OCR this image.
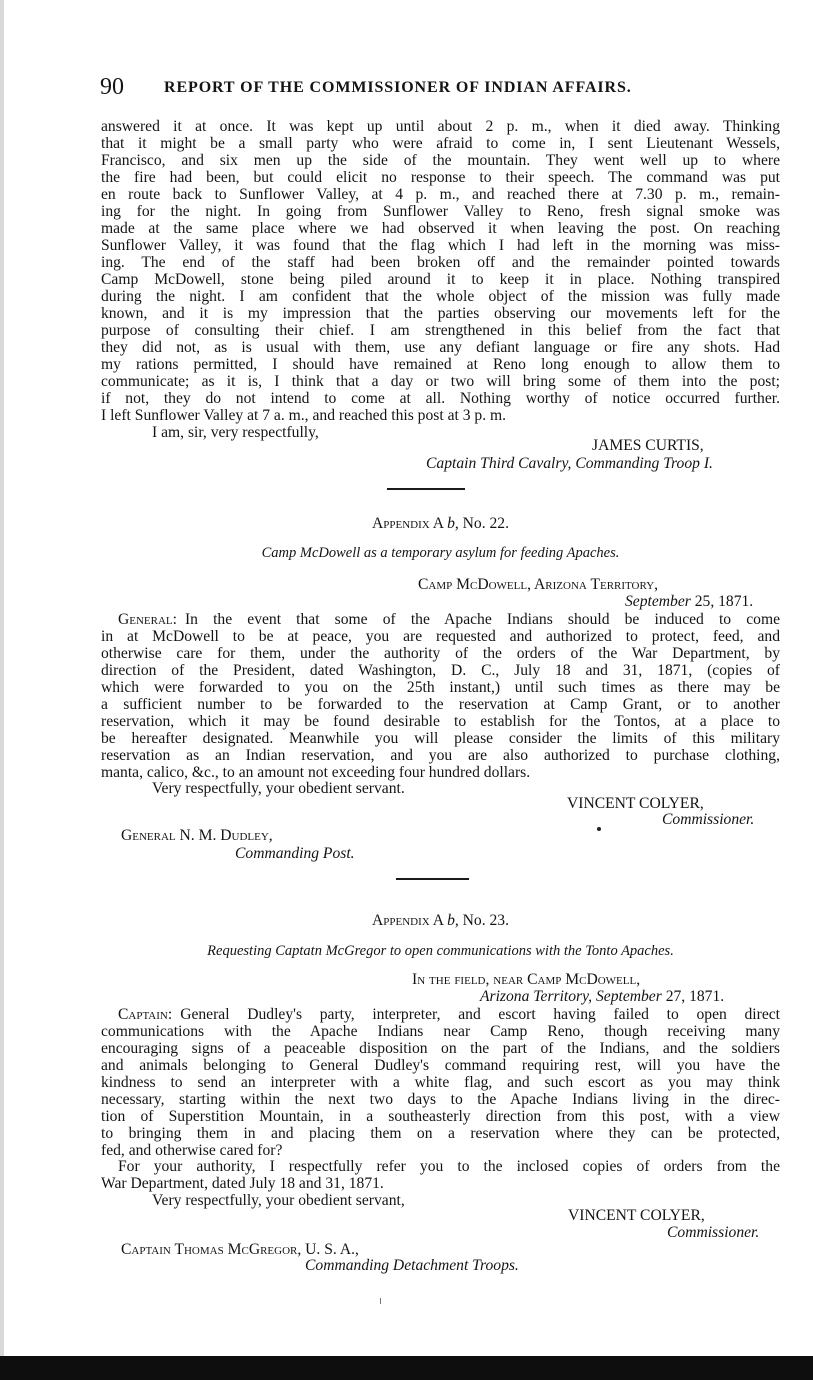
90	REPORT OF THE COMMISSIONER OF INDIAN AFFAIRS.
answered it at once. It was kept up until about 2 p. m., when it died away. Thinking
that it might be a small party who were afraid to come in, I sent Lieutenant Wessels,
Francisco, and six men up the side of the mountain. They went well up to where
the fire had been, but could elicit no response to their speech. The command was put
en route back to Sunflower Valley, at 4 p. m., and reached there at 7.30 p. m., remain-
ing for the night. In going from Sunflower Valley to Reno, fresh signal smoke was
made at the same place where we had observed it when leaving the post. On reaching
Sunflower Valley, it was found that the flag which I had left in the morning was miss-
ing. The end of the staff had been broken off and the remainder pointed towards
Camp McDowell, stone being piled around it to keep it in place. Nothing transpired
during the night. I am confident that the whole object of the mission was fully made
known, and it is my impression that the parties observing our movements left for the
purpose of consulting their chief. I am strengthened in this belief from the fact that
they did not, as is usual with them, use any defiant language or fire any shots. Had
my rations permitted, I should have remained at Reno long enough to allow them to
communicate; as it is, I think that a day or two will bring some of them into the post;
if not, they do not intend to come at all. Nothing worthy of notice occurred further.
I left Sunflower Valley at 7 a. m., and reached this post at 3 p. m.
I am, sir, very respectfully,
JAMES CURTIS,
Captain Third Cavalry, Commanding Troop I.
Appendix A b, No. 22.
Camp McDowell as a temporary asylum for feeding Apaches.
Camp McDowell, Arizona Territory,
September 25, 1871.
General: In the event that some of the Apache Indians should be induced to come
in at McDowell to be at peace, you are requested and authorized to protect, feed, and
otherwise care for them, under the authority of the orders of the War Department, by
direction of the President, dated Washington, D. C., July 18 and 31, 1871, (copies of
which were forwarded to you on the 25th instant,) until such times as there may be
a sufficient number to be forwarded to the reservation at Camp Grant, or to another
reservation, which it may be found desirable to establish for the Tontos, at a place to
be hereafter designated. Meanwhile you will please consider the limits of this military
reservation as an Indian reservation, and you are also authorized to purchase clothing,
manta, calico, &c., to an amount not exceeding four hundred dollars.
Very respectfully, your obedient servant.
VINCENT COLYER,
Commissioner.
General N. M. Dudley,
Commanding Post.
Appendix A b, No. 23.
Requesting Captatn McGregor to open communications with the Tonto Apaches.
In the field, near Camp McDowell,
Arizona Territory, September 27, 1871.
Captain: General Dudley's party, interpreter, and escort having failed to open direct
communications with the Apache Indians near Camp Reno, though receiving many
encouraging signs of a peaceable disposition on the part of the Indians, and the soldiers
and animals belonging to General Dudley's command requiring rest, will you have the
kindness to send an interpreter with a white flag, and such escort as you may think
necessary, starting within the next two days to the Apache Indians living in the direc-
tion of Superstition Mountain, in a southeasterly direction from this post, with a view
to bringing them in and placing them on a reservation where they can be protected,
fed, and otherwise cared for?
For your authority, I respectfully refer you to the inclosed copies of orders from the
War Department, dated July 18 and 31, 1871.
Very respectfully, your obedient servant,
VINCENT COLYER,
Commissioner.
Captain Thomas McGregor, U. S. A.,
Commanding Detachment Troops.
